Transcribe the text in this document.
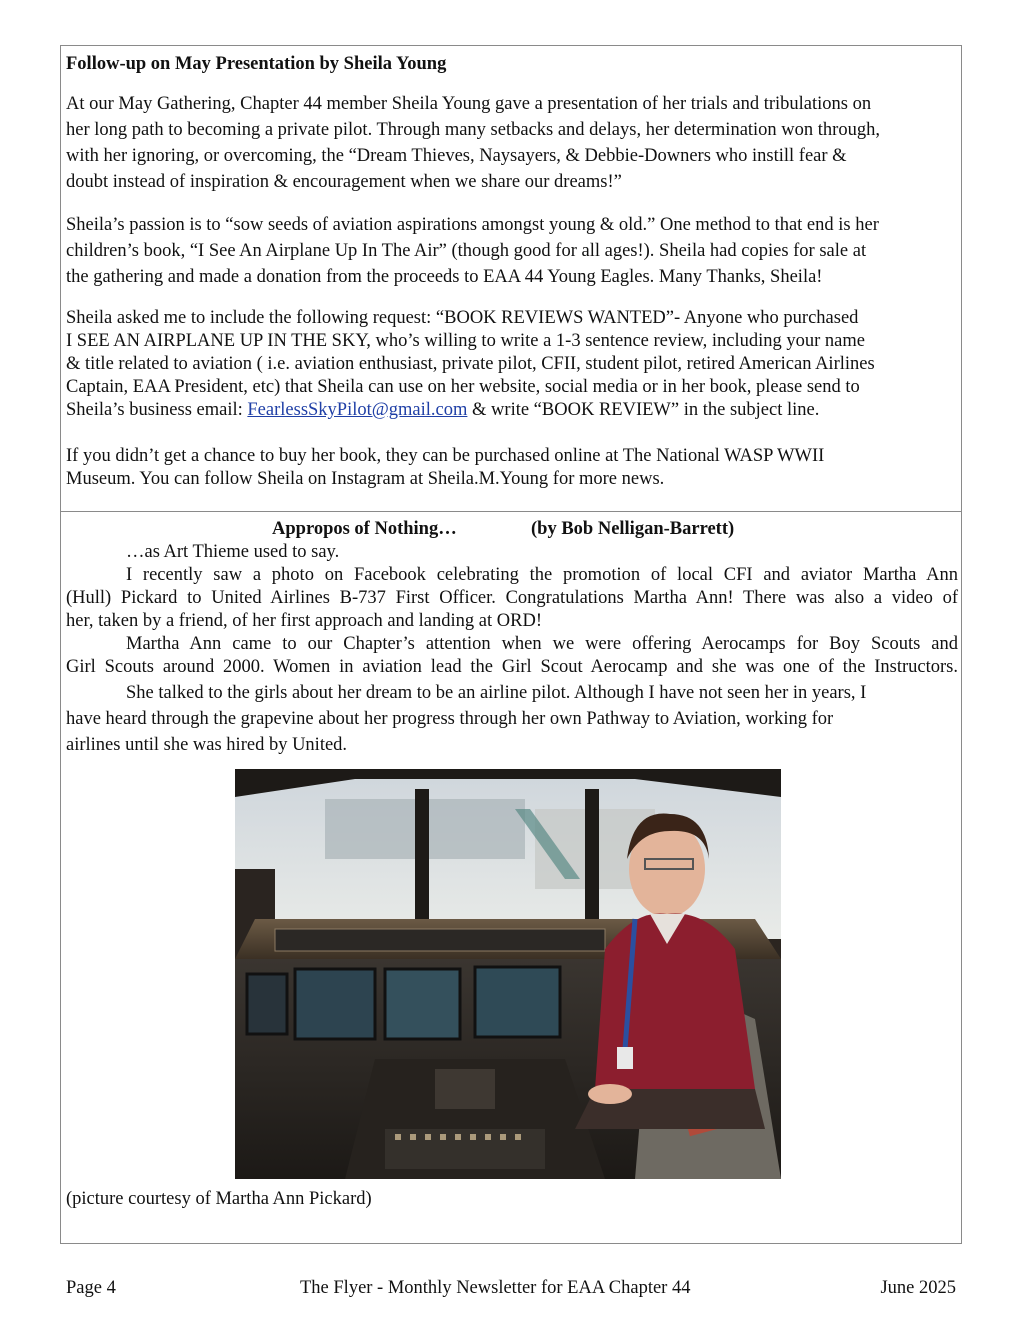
Follow-up on May Presentation by Sheila Young

At our May Gathering, Chapter 44 member Sheila Young gave a presentation of her trials and tribulations on

her long path to becoming a private pilot. Through many setbacks and delays, her determination won through,

with her ignoring, or overcoming, the “Dream Thieves, Naysayers, & Debbie-Downers who instill fear &

doubt instead of inspiration & encouragement when we share our dreams!”

Sheila’s passion is to “sow seeds of aviation aspirations amongst young & old.” One method to that end is her

children’s book, “I See An Airplane Up In The Air” (though good for all ages!). Sheila had copies for sale at

the gathering and made a donation from the proceeds to EAA 44 Young Eagles. Many Thanks, Sheila!

Sheila asked me to include the following request: “BOOK REVIEWS WANTED”- Anyone who purchased

I SEE AN AIRPLANE UP IN THE SKY, who’s willing to write a 1-3 sentence review, including your name

& title related to aviation ( i.e. aviation enthusiast, private pilot, CFII, student pilot, retired American Airlines

Captain, EAA President, etc) that Sheila can use on her website, social media or in her book, please send to

Sheila’s business email: FearlessSkyPilot@gmail.com & write “BOOK REVIEW” in the subject line.

If you didn’t get a chance to buy her book, they can be purchased online at The National WASP WWII

Museum. You can follow Sheila on Instagram at Sheila.M.Young for more news.

Appropos of Nothing…	(by Bob Nelligan-Barrett)

…as Art Thieme used to say.

I recently saw a photo on Facebook celebrating the promotion of local CFI and aviator Martha Ann

(Hull) Pickard to United Airlines B-737 First Officer. Congratulations Martha Ann! There was also a video of

her, taken by a friend, of her first approach and landing at ORD!

Martha Ann came to our Chapter’s attention when we were offering Aerocamps for Boy Scouts and

Girl Scouts around 2000. Women in aviation lead the Girl Scout Aerocamp and she was one of the Instructors.

She talked to the girls about her dream to be an airline pilot. Although I have not seen her in years, I

have heard through the grapevine about her progress through her own Pathway to Aviation, working for

airlines until she was hired by United.

(picture courtesy of Martha Ann Pickard)

Page 4	The Flyer - Monthly Newsletter for EAA Chapter 44	June 2025
